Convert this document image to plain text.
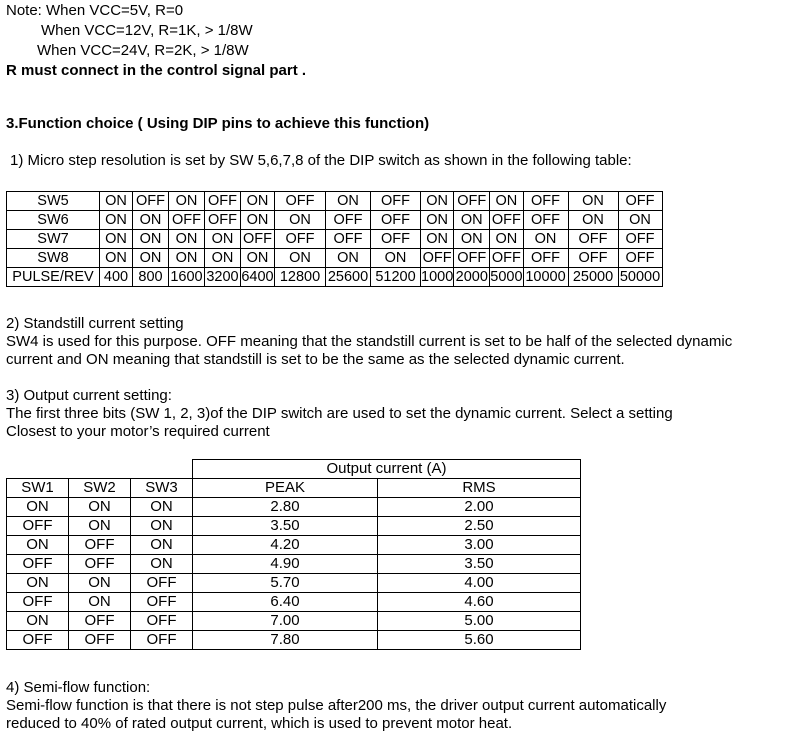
Note: When VCC=5V, R=0
When VCC=12V, R=1K, > 1/8W
When VCC=24V, R=2K, > 1/8W
R must connect in the control signal part .
3.Function choice ( Using DIP pins to achieve this function)
1) Micro step resolution is set by SW 5,6,7,8 of the DIP switch as shown in the following table:
SW5	ON	OFF	ON	OFF	ON	OFF	ON	OFF	ON	OFF	ON	OFF	ON	OFF
SW6	ON	ON	OFF	OFF	ON	ON	OFF	OFF	ON	ON	OFF	OFF	ON	ON
SW7	ON	ON	ON	ON	OFF	OFF	OFF	OFF	ON	ON	ON	ON	OFF	OFF
SW8	ON	ON	ON	ON	ON	ON	ON	ON	OFF	OFF	OFF	OFF	OFF	OFF
PULSE/REV	400	800	1600	3200	6400	12800	25600	51200	1000	2000	5000	10000	25000	50000
2) Standstill current setting
SW4 is used for this purpose. OFF meaning that the standstill current is set to be half of the selected dynamic
current and ON meaning that standstill is set to be the same as the selected dynamic current.
3) Output current setting:
The first three bits (SW 1, 2, 3)of the DIP switch are used to set the dynamic current. Select a setting
Closest to your motor’s required current
			Output current (A)	
SW1	SW2	SW3	PEAK	RMS
ON	ON	ON	2.80	2.00
OFF	ON	ON	3.50	2.50
ON	OFF	ON	4.20	3.00
OFF	OFF	ON	4.90	3.50
ON	ON	OFF	5.70	4.00
OFF	ON	OFF	6.40	4.60
ON	OFF	OFF	7.00	5.00
OFF	OFF	OFF	7.80	5.60
4) Semi-flow function:
Semi-flow function is that there is not step pulse after200 ms, the driver output current automatically
reduced to 40% of rated output current, which is used to prevent motor heat.
